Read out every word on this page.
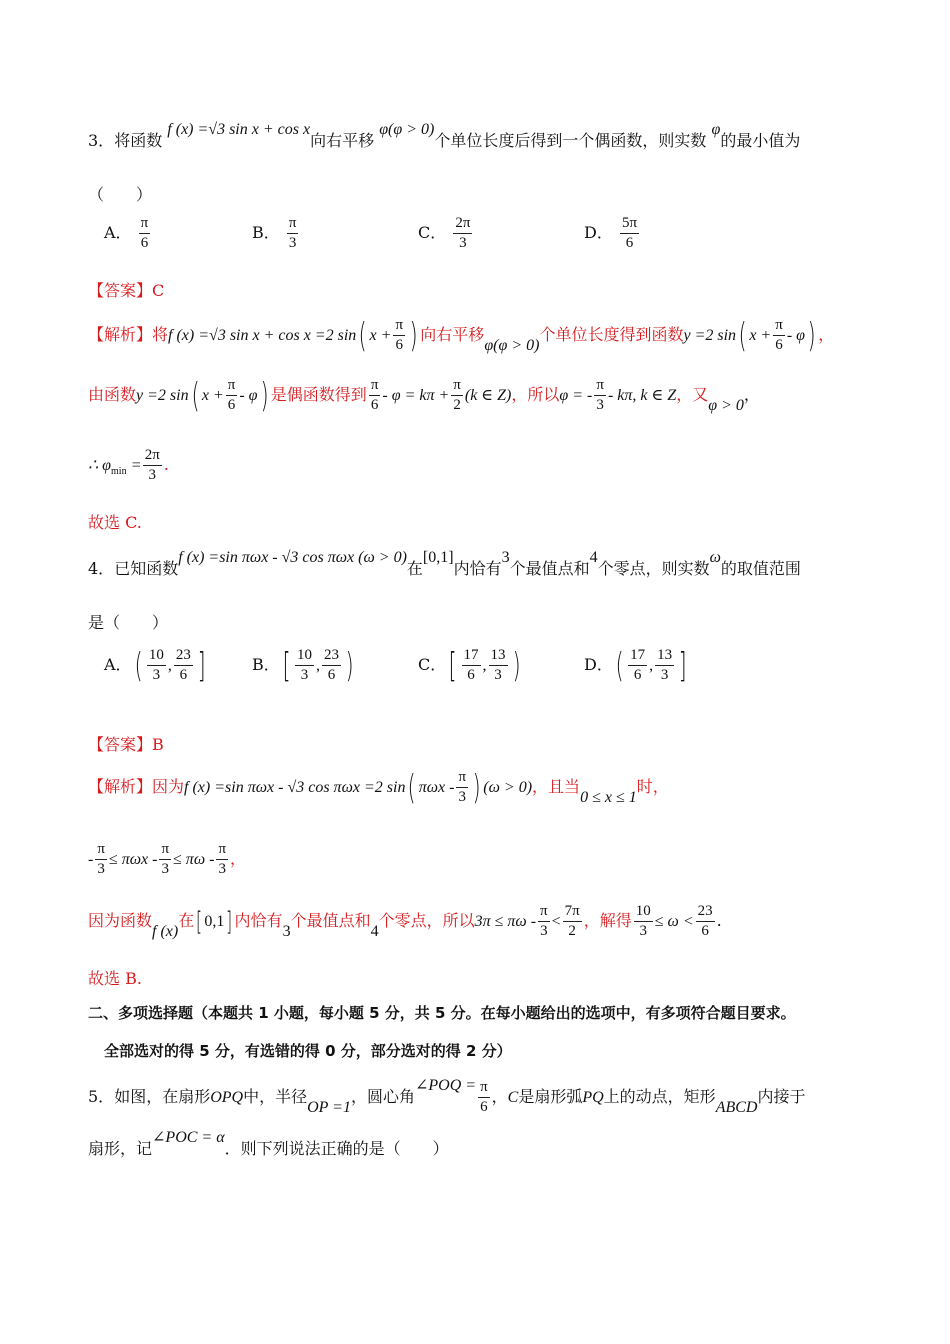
3．将函数 f (x) =√3 sin x + cos x向右平移 φ(φ > 0)个单位长度后得到一个偶函数，则实数 φ的最小值为
（　　）
A． $\frac{\pi}{6}$	B． $\frac{\pi}{3}$	C． $\frac{2\pi}{3}$	D． $\frac{5\pi}{6}$
【答案】C
【解析】将f (x) =√3 sin x + cos x =2 sin( $x + \frac{\pi}{6}$ ) 向右平移φ(φ > 0)个单位长度得到函数y =2 sin( $x + \frac{\pi}{6} - \varphi$) ，
由函数y =2 sin( $x + \frac{\pi}{6} - \varphi$) 是偶函数得到 $\frac{\pi}{6} - \varphi = k\pi + \frac{\pi}{2} (k$ ∈ Z)，所以φ = - $\frac{\pi}{3}$ - kπ, k ∈ Z，又φ > 0，
∴ $\varphi_{min} = \frac{2\pi}{3}$ .
故选 C.
4．已知函数f (x) =sin πωx - √3 cos πωx (ω > 0)在[0,1]内恰有3个最值点和4个零点，则实数ω的取值范围
是（　　）
A．( $\frac{10}{3}$ , $\frac{23}{6}$ ]	B．[ $\frac{10}{3}$ , $\frac{23}{6}$ )	C．[ $\frac{17}{6}$ , $\frac{13}{3}$ )	D．( $\frac{17}{6}$ , $\frac{13}{3}$ ]
【答案】B
【解析】因为f (x) =sin πωx - √3 cos πωx =2 sin( πωx - $\frac{\pi}{3}$ ) (ω > 0)，且当0 ≤ x ≤ 1时，
- $\frac{\pi}{3} \le \pi\omega x - \frac{\pi}{3} \le \pi\omega - \frac{\pi}{3}$ ，
因为函数f (x)在[ 0,1] 内恰有3个最值点和4个零点，所以$3\pi \le \pi\omega - \frac{\pi}{3} < \frac{7\pi}{2}$ ，解得 $\frac{10}{3} \le \omega < \frac{23}{6}$ .
故选 B.
二、多项选择题（本题共 1 小题，每小题 5 分，共 5 分。在每小题给出的选项中，有多项符合题目要求。
全部选对的得 5 分，有选错的得 0 分，部分选对的得 2 分）
5．如图，在扇形OPQ中，半径OP =1，圆心角∠POQ = $\frac{\pi}{6}$ ，C是扇形弧PQ上的动点，矩形ABCD内接于
扇形，记∠POC = α．则下列说法正确的是（　　）
